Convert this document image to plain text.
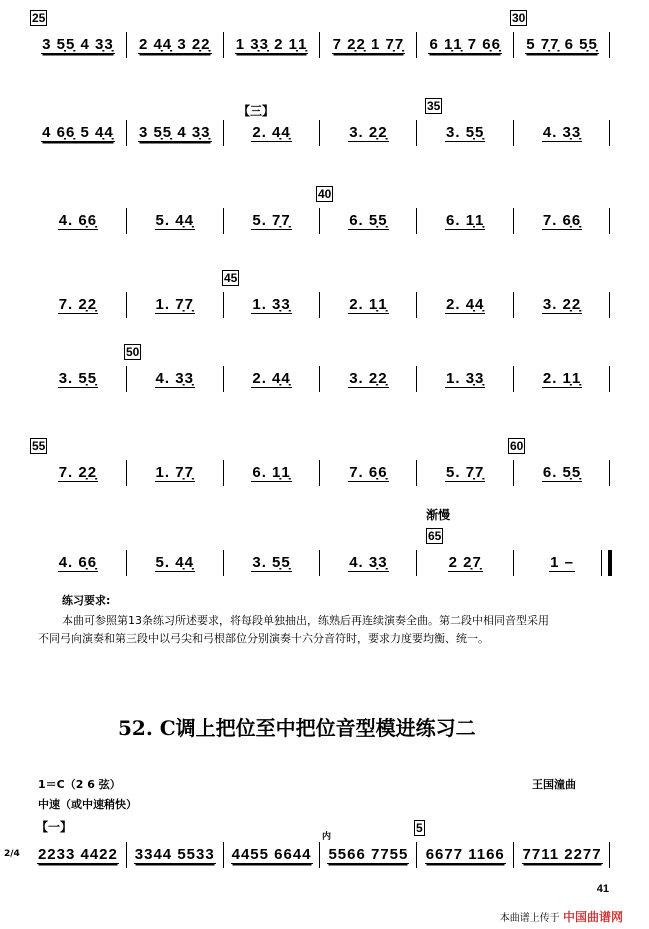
25	30
3 5̣5̣ 4 3̣3̣ 2 4̣4̣ 3 2̣2̣ 1 3̣3̣ 2 1̣1̣ 7 2̣2̣ 1 7̣7̣ 6 1̣1̣ 7 6̣6̣ 5 7̣7̣ 6 5̣5̣
【三】	35
4 6̣6̣ 5 4̣4̣ 3 5̣5̣ 4 3̣3̣	2. 4̣4̣	3. 2̣2̣	3. 5̣5̣	4. 3̣3̣
40
4. 6̣6̣	5. 4̣4̣	5. 7̣7̣	6. 5̣5̣	6. 1̣1̣	7. 6̣6̣
45
7. 2̣2̣	1. 7̣7̣	1. 3̣3̣	2. 1̣1̣	2. 4̣4̣	3. 2̣2̣
50
3. 5̣5̣	4. 3̣3̣	2. 4̣4̣	3. 2̣2̣	1. 3̣3̣	2. 1̣1̣
55	60
7. 2̣2̣	1. 7̣7̣	6. 1̣1̣	7. 6̣6̣	5. 7̣7̣	6. 5̣5̣
渐慢
65
4. 6̣6̣	5. 4̣4̣	3. 5̣5̣	4. 3̣3̣	2 2̣7̣	1 –
练习要求:
本曲可参照第13条练习所述要求，将每段单独抽出，练熟后再连续演奏全曲。第二段中相同音型采用
不同弓向演奏和第三段中以弓尖和弓根部位分别演奏十六分音符时，要求力度要均衡、统一。
52. C调上把位至中把位音型模进练习二
1＝C（2 6 弦）	王国潼曲
中速（或中速稍快）
【一】	5
内
2/4 2233 4422 3344 5533 4455 6644 5566 7755 6677 1166 7711 2277
41
本曲谱上传于 中国曲谱网
